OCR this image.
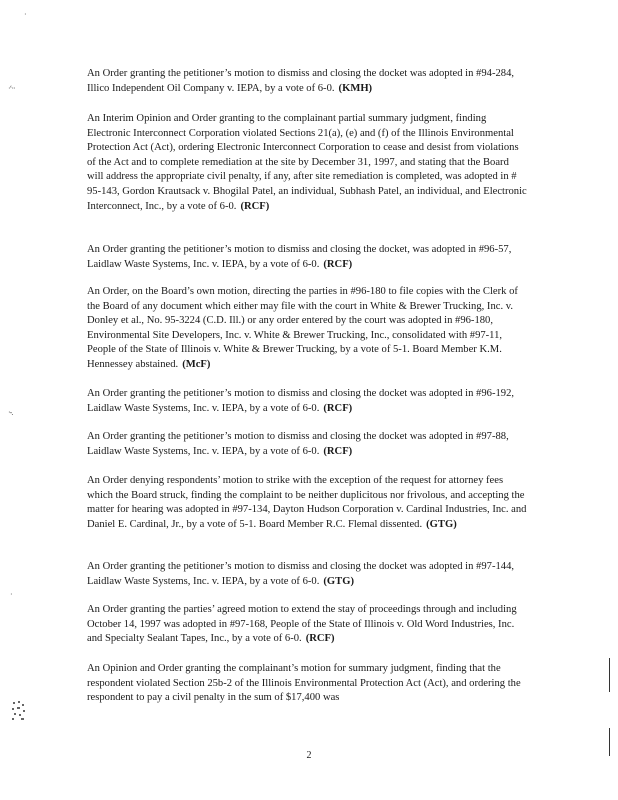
·
·‘··
·-.
·

An Order granting the petitioner’s motion to dismiss and closing the docket was adopted in #94-284, Illico Independent Oil Company v. IEPA, by a vote of 6-0. (KMH)

An Interim Opinion and Order granting to the complainant partial summary judgment, finding Electronic Interconnect Corporation violated Sections 21(a), (e) and (f) of the Illinois Environmental Protection Act (Act), ordering Electronic Interconnect Corporation to cease and desist from violations of the Act and to complete remediation at the site by December 31, 1997, and stating that the Board will address the appropriate civil penalty, if any, after site remediation is completed, was adopted in # 95-143, Gordon Krautsack v. Bhogilal Patel, an individual, Subhash Patel, an individual, and Electronic Interconnect, Inc., by a vote of 6-0. (RCF)

An Order granting the petitioner’s motion to dismiss and closing the docket, was adopted in #96-57, Laidlaw Waste Systems, Inc. v. IEPA, by a vote of 6-0. (RCF)

An Order, on the Board’s own motion, directing the parties in #96-180 to file copies with the Clerk of the Board of any document which either may file with the court in White & Brewer Trucking, Inc. v. Donley et al., No. 95-3224 (C.D. Ill.) or any order entered by the court was adopted in #96-180, Environmental Site Developers, Inc. v. White & Brewer Trucking, Inc., consolidated with #97-11, People of the State of Illinois v. White & Brewer Trucking, by a vote of 5-1. Board Member K.M. Hennessey abstained. (McF)

An Order granting the petitioner’s motion to dismiss and closing the docket was adopted in #96-192, Laidlaw Waste Systems, Inc. v. IEPA, by a vote of 6-0. (RCF)

An Order granting the petitioner’s motion to dismiss and closing the docket was adopted in #97-88, Laidlaw Waste Systems, Inc. v. IEPA, by a vote of 6-0. (RCF)

An Order denying respondents’ motion to strike with the exception of the request for attorney fees which the Board struck, finding the complaint to be neither duplicitous nor frivolous, and accepting the matter for hearing was adopted in #97-134, Dayton Hudson Corporation v. Cardinal Industries, Inc. and Daniel E. Cardinal, Jr., by a vote of 5-1. Board Member R.C. Flemal dissented. (GTG)

An Order granting the petitioner’s motion to dismiss and closing the docket was adopted in #97-144, Laidlaw Waste Systems, Inc. v. IEPA, by a vote of 6-0. (GTG)

An Order granting the parties’ agreed motion to extend the stay of proceedings through and including October 14, 1997 was adopted in #97-168, People of the State of Illinois v. Old Word Industries, Inc. and Specialty Sealant Tapes, Inc., by a vote of 6-0. (RCF)

An Opinion and Order granting the complainant’s motion for summary judgment, finding that the respondent violated Section 25b-2 of the Illinois Environmental Protection Act (Act), and ordering the respondent to pay a civil penalty in the sum of $17,400 was

2
